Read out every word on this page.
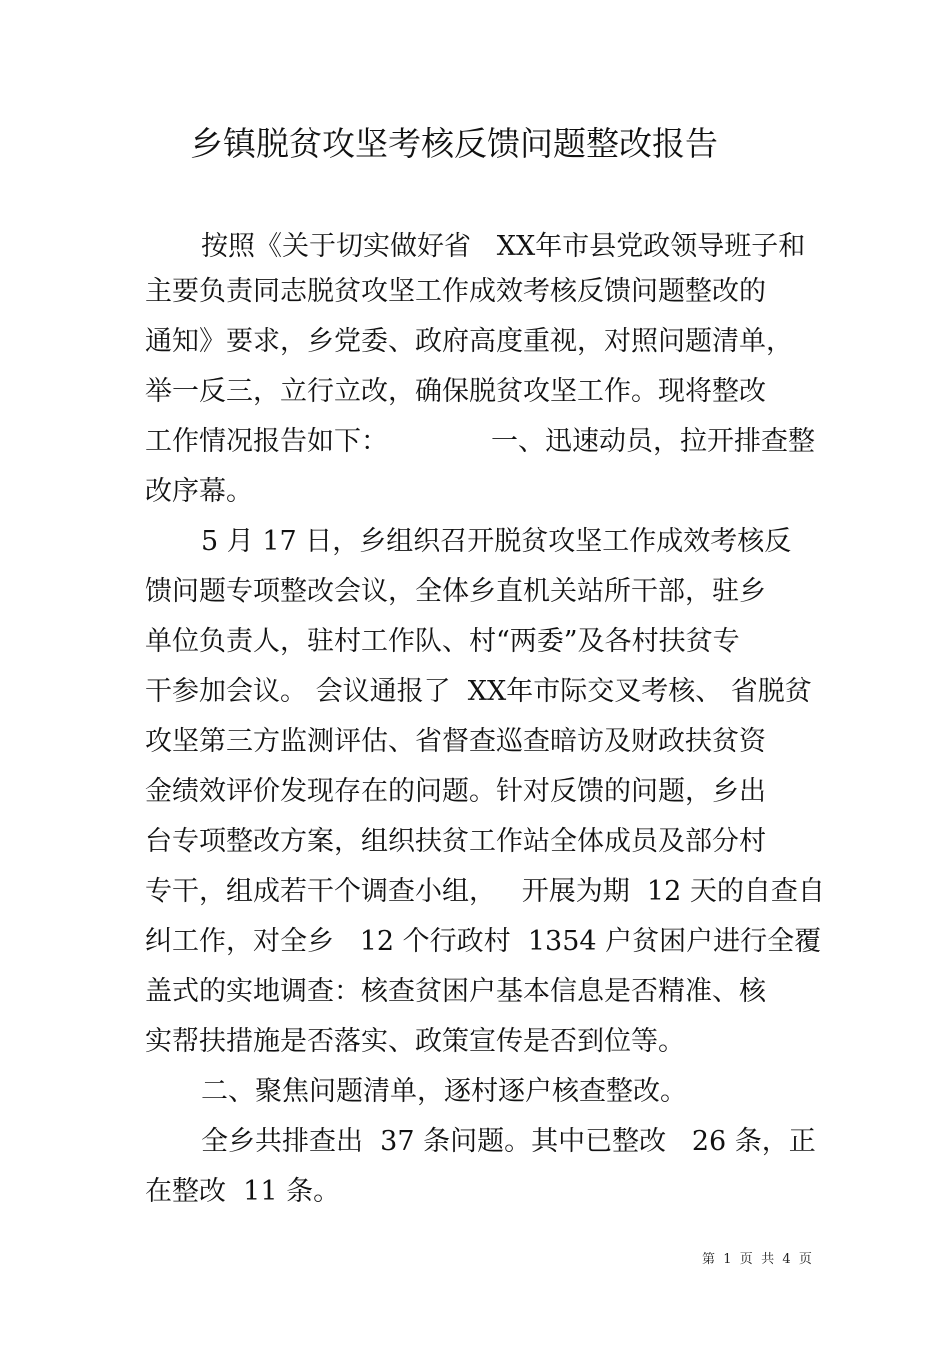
乡镇脱贫攻坚考核反馈问题整改报告
按照《关于切实做好省   XX年市县党政领导班子和
主要负责同志脱贫攻坚工作成效考核反馈问题整改的
通知》要求，乡党委、政府高度重视，对照问题清单，
举一反三，立行立改，确保脱贫攻坚工作。现将整改
工作情况报告如下：            一、迅速动员，拉开排查整
改序幕。
5 月 17 日，乡组织召开脱贫攻坚工作成效考核反
馈问题专项整改会议，全体乡直机关站所干部，驻乡
单位负责人，驻村工作队、村“两委”及各村扶贫专
干参加会议。 会议通报了  XX年市际交叉考核、 省脱贫
攻坚第三方监测评估、省督查巡查暗访及财政扶贫资
金绩效评价发现存在的问题。针对反馈的问题，乡出
台专项整改方案，组织扶贫工作站全体成员及部分村
专干，组成若干个调查小组，   开展为期  12 天的自查自
纠工作，对全乡   12 个行政村  1354 户贫困户进行全覆
盖式的实地调查：核查贫困户基本信息是否精准、核
实帮扶措施是否落实、政策宣传是否到位等。
二、聚焦问题清单，逐村逐户核查整改。
全乡共排查出  37 条问题。其中已整改   26 条，正
在整改  11 条。
第  1  页  共  4  页
